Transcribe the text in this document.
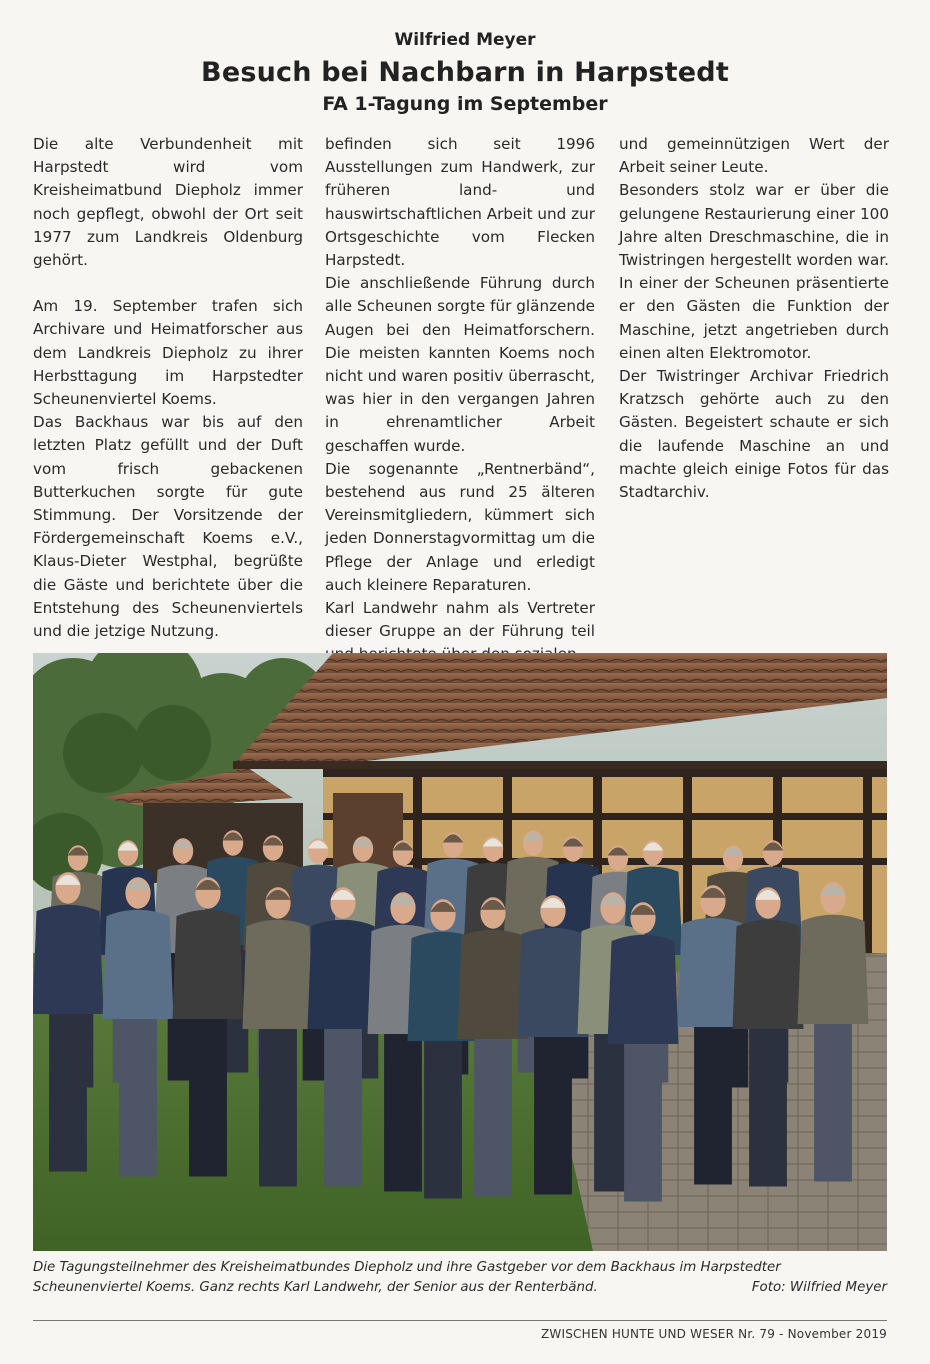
Wilfried Meyer
Besuch bei Nachbarn in Harpstedt
FA 1-Tagung im September

Die alte Verbundenheit mit Harpstedt wird vom Kreisheimatbund Diepholz immer noch gepflegt, obwohl der Ort seit 1977 zum Landkreis Oldenburg gehört.

Am 19. September trafen sich Archivare und Heimatforscher aus dem Landkreis Diepholz zu ihrer Herbsttagung im Harpstedter Scheunenviertel Koems.

Das Backhaus war bis auf den letzten Platz gefüllt und der Duft vom frisch gebackenen Butterkuchen sorgte für gute Stimmung. Der Vorsitzende der Fördergemeinschaft Koems e.V., Klaus-Dieter Westphal, begrüßte die Gäste und berichtete über die Entstehung des Scheunenviertels und die jetzige Nutzung.

befinden sich seit 1996 Ausstellungen zum Handwerk, zur früheren land- und hauswirtschaftlichen Arbeit und zur Ortsgeschichte vom Flecken Harpstedt.

Die anschließende Führung durch alle Scheunen sorgte für glänzende Augen bei den Heimatforschern. Die meisten kannten Koems noch nicht und waren positiv überrascht, was hier in den vergangen Jahren in ehrenamtlicher Arbeit geschaffen wurde.

Die sogenannte „Rentnerbänd“, bestehend aus rund 25 älteren Vereinsmitgliedern, kümmert sich jeden Donnerstagvormittag um die Pflege der Anlage und erledigt auch kleinere Reparaturen.

Karl Landwehr nahm als Vertreter dieser Gruppe an der Führung teil

und gemeinnützigen Wert der Arbeit seiner Leute.

Besonders stolz war er über die gelungene Restaurierung einer 100 Jahre alten Dreschmaschine, die in Twistringen hergestellt worden war. In einer der Scheunen präsentierte er den Gästen die Funktion der Maschine, jetzt angetrieben durch einen alten Elektromotor.

Der Twistringer Archivar Friedrich Kratzsch gehörte auch zu den Gästen. Begeistert schaute er sich die laufende Maschine an und machte gleich einige Fotos für das Stadtarchiv.

Die Tagungsteilnehmer des Kreisheimatbundes Diepholz und ihre Gastgeber vor dem Backhaus im Harpstedter Scheunenviertel Koems. Ganz rechts Karl Landwehr, der Senior aus der Renterbänd.	Foto: Wilfried Meyer
ZWISCHEN HUNTE UND WESER Nr. 79 - November 2019
